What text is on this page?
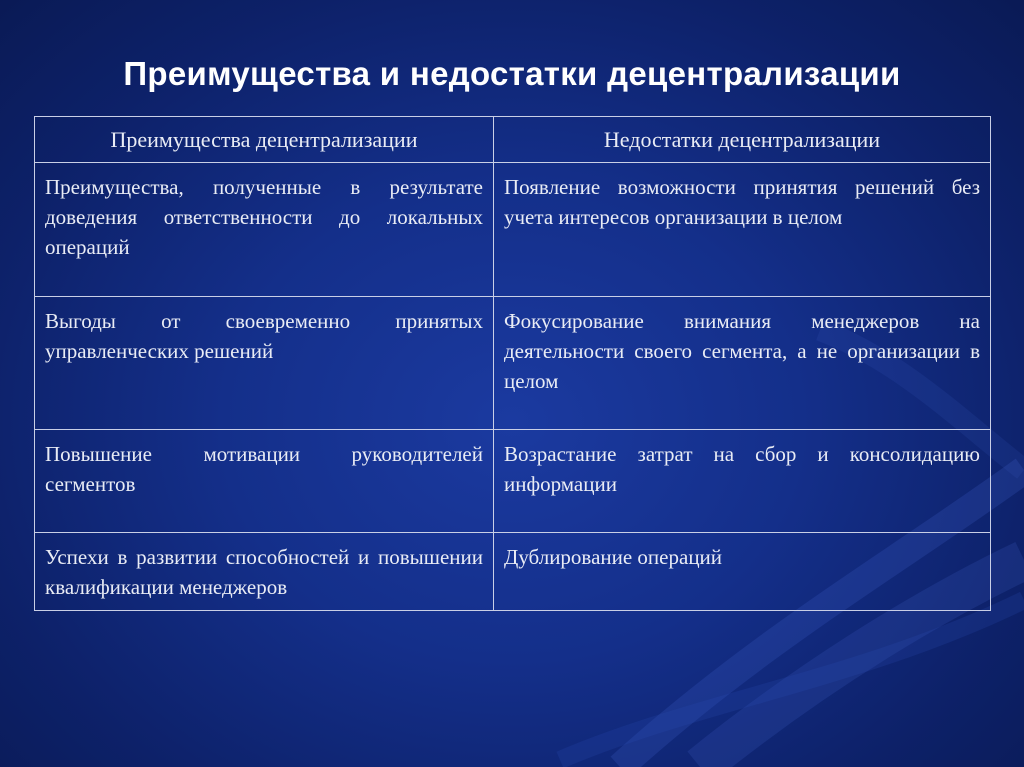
Преимущества и недостатки децентрализации
Преимущества децентрализации	Недостатки децентрализации
Преимущества, полученные в результате доведения ответственности до локальных операций	Появление возможности принятия решений без учета интересов организации в целом
Выгоды от своевременно принятых управленческих решений	Фокусирование внимания менеджеров на деятельности своего сегмента, а не организации в целом
Повышение мотивации руководителей сегментов	Возрастание затрат на сбор и консолидацию информации
Успехи в развитии способностей и повышении квалификации менеджеров	Дублирование операций
